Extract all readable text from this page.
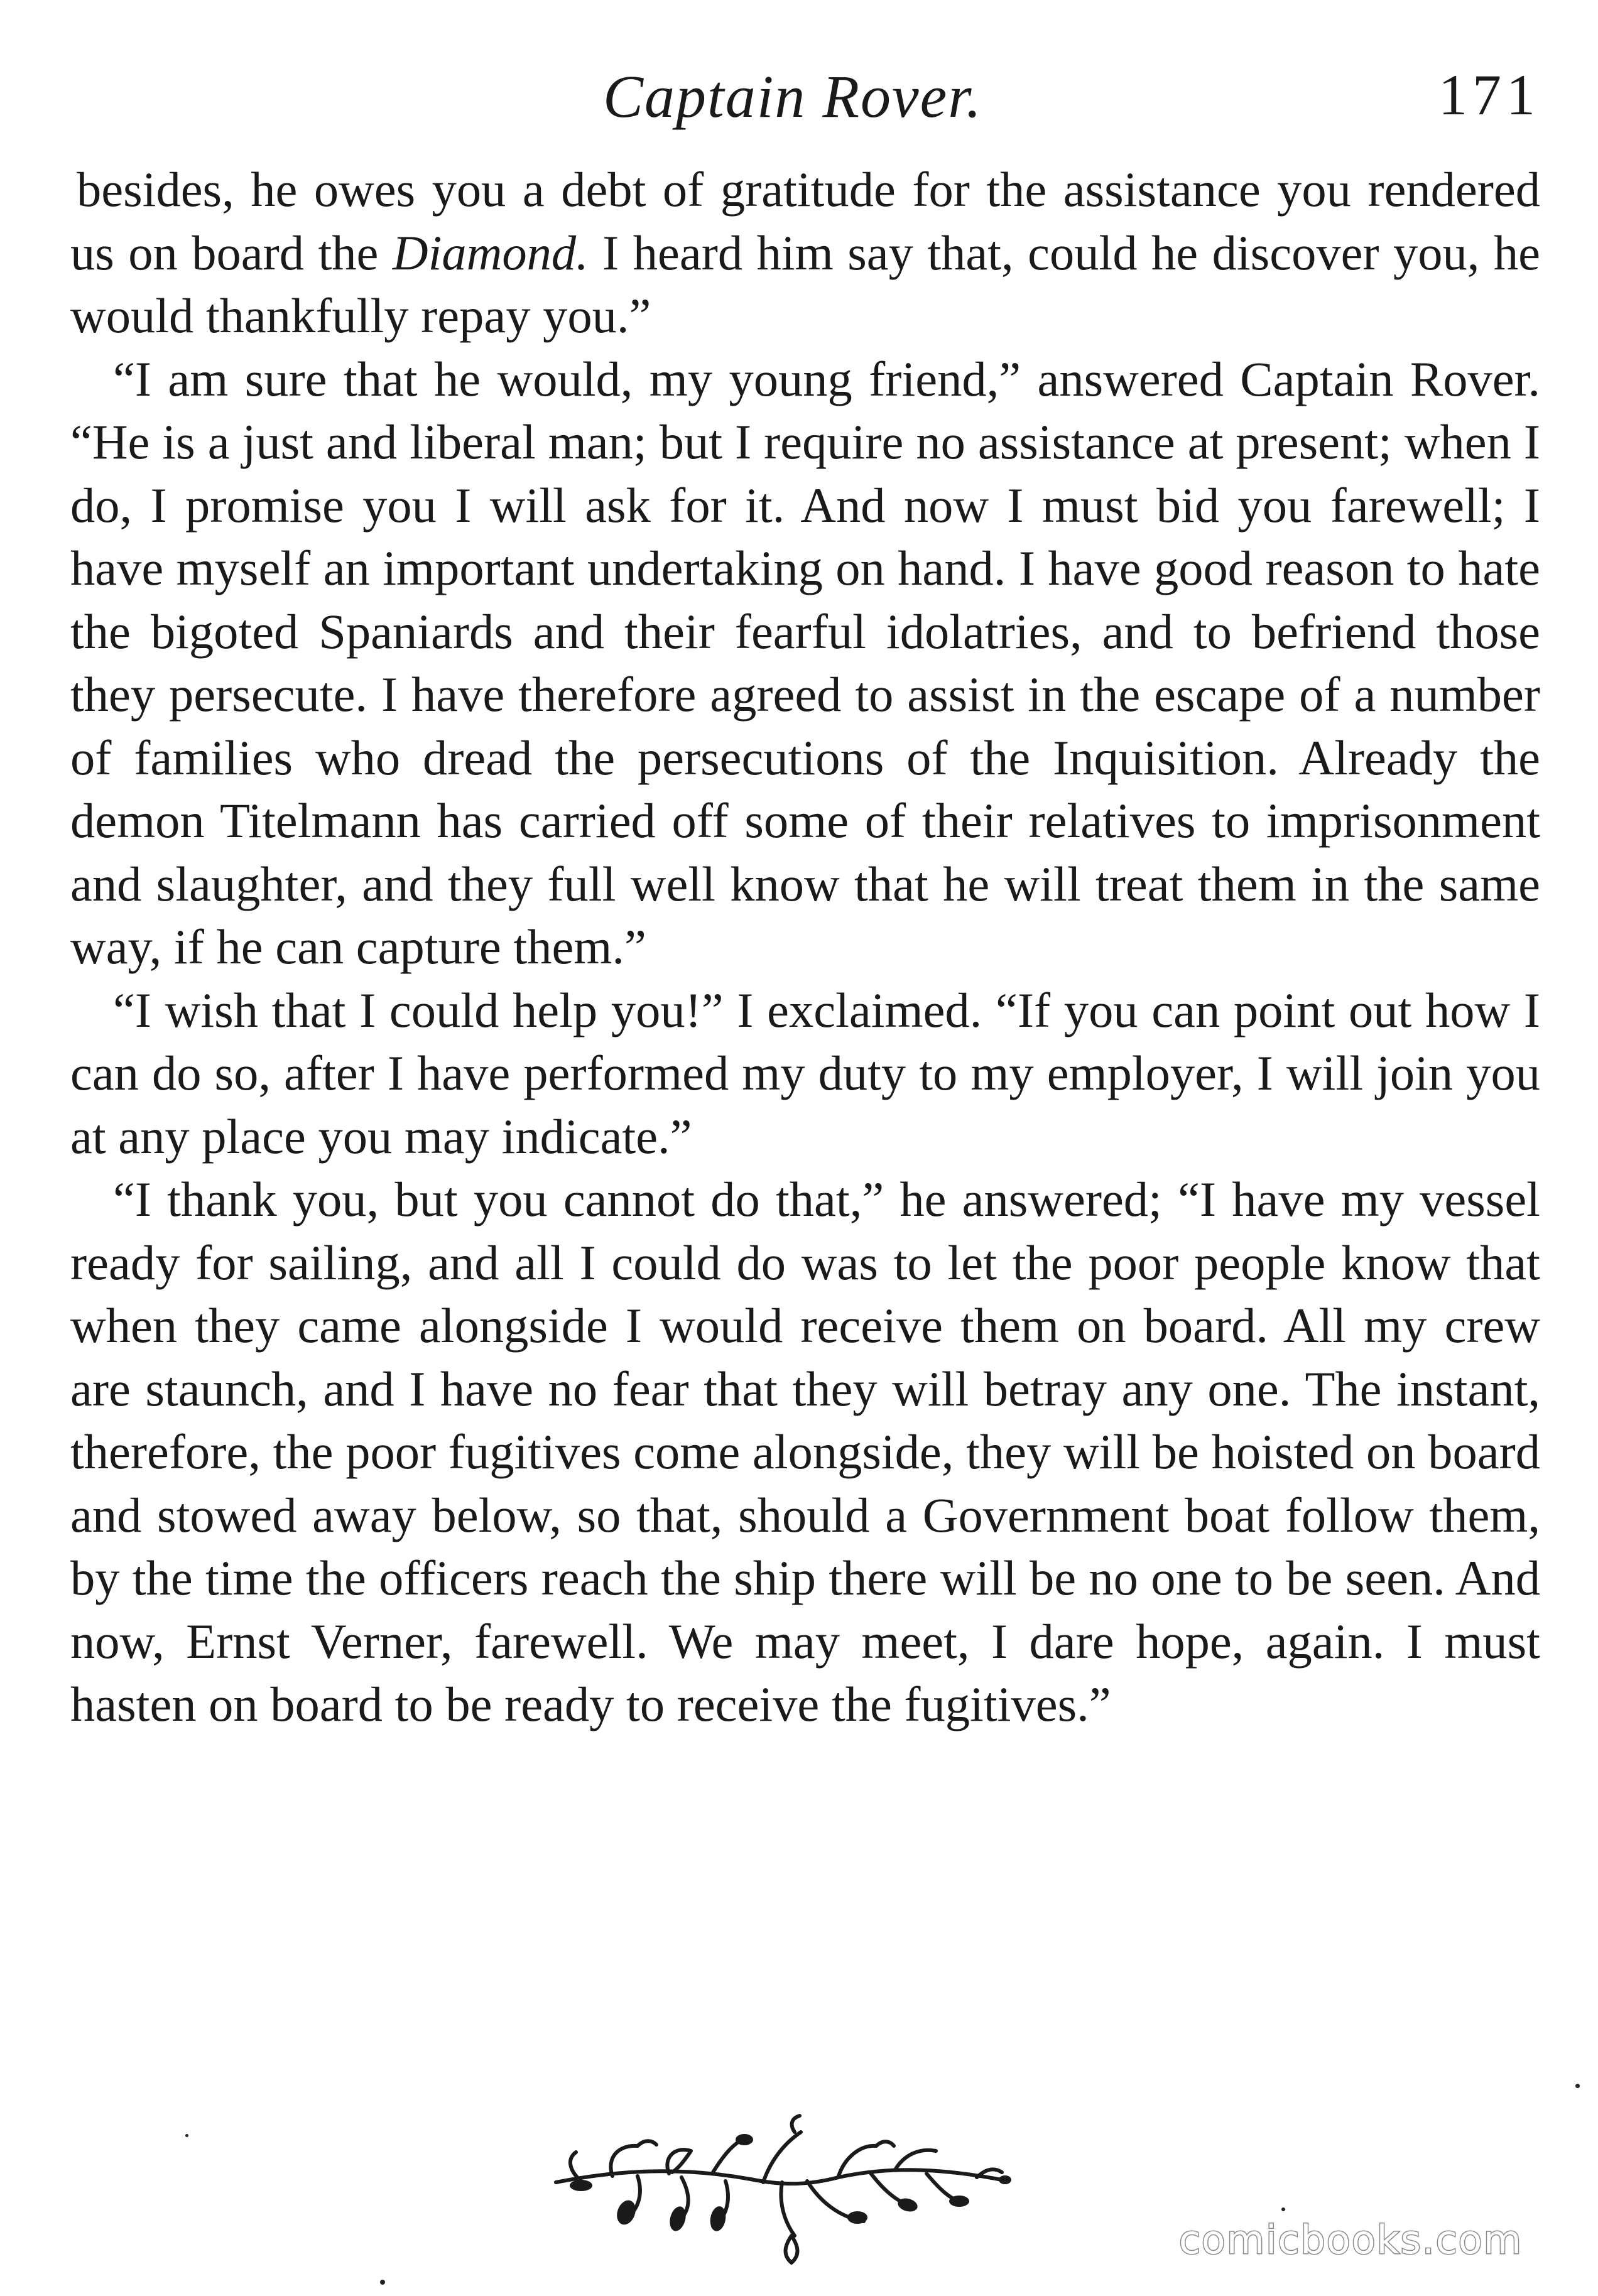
Captain Rover.	171

besides, he owes you a debt of gratitude for the assistance you rendered us on board the Diamond. I heard him say that, could he discover you, he would thankfully repay you.”

“I am sure that he would, my young friend,” answered Captain Rover. “He is a just and liberal man; but I require no assistance at present; when I do, I promise you I will ask for it. And now I must bid you farewell; I have myself an important undertaking on hand. I have good reason to hate the bigoted Spaniards and their fearful idolatries, and to befriend those they persecute. I have therefore agreed to assist in the escape of a number of families who dread the persecutions of the Inquisition. Already the demon Titelmann has carried off some of their relatives to imprisonment and slaughter, and they full well know that he will treat them in the same way, if he can capture them.”

“I wish that I could help you!” I exclaimed. “If you can point out how I can do so, after I have performed my duty to my employer, I will join you at any place you may indicate.”

“I thank you, but you cannot do that,” he answered; “I have my vessel ready for sailing, and all I could do was to let the poor people know that when they came alongside I would receive them on board. All my crew are staunch, and I have no fear that they will betray any one. The instant, therefore, the poor fugitives come alongside, they will be hoisted on board and stowed away below, so that, should a Government boat follow them, by the time the officers reach the ship there will be no one to be seen. And now, Ernst Verner, farewell. We may meet, I dare hope, again. I must hasten on board to be ready to receive the fugitives.”

comicbooks.com
